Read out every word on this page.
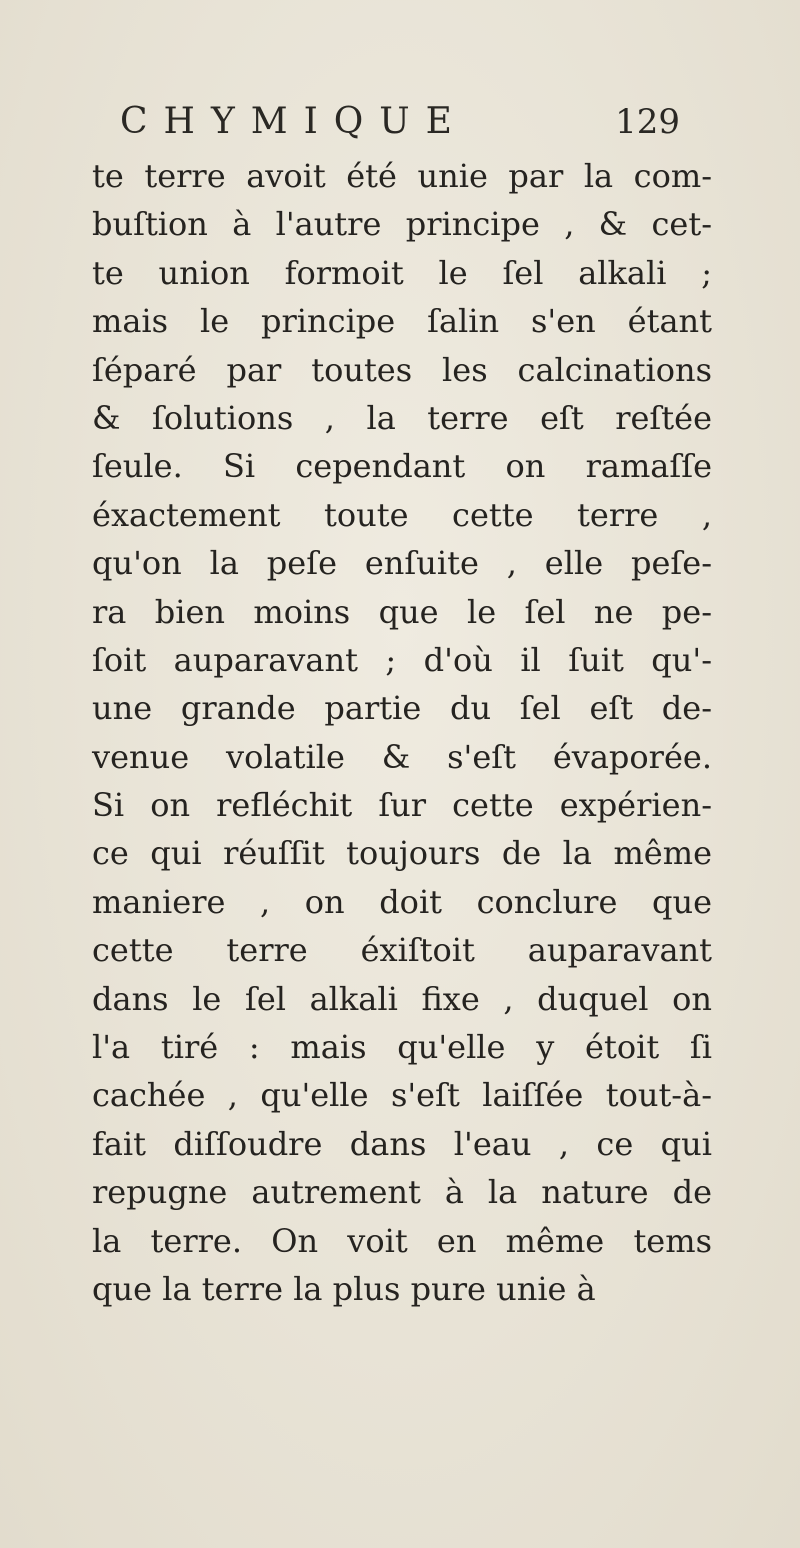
CHYMIQUE	129
te terre avoit été unie par la com-
buſtion à l'autre principe , & cet-
te union formoit le ſel alkali ;
mais le principe ſalin s'en étant
ſéparé par toutes les calcinations
& ſolutions , la terre eſt reſtée
ſeule. Si cependant on ramaſſe
éxactement toute cette terre ,
qu'on la peſe enſuite , elle peſe-
ra bien moins que le ſel ne pe-
ſoit auparavant ; d'où il ſuit qu'-
une grande partie du ſel eſt de-
venue volatile & s'eſt évaporée.
Si on refléchit ſur cette expérien-
ce qui réuſſit toujours de la même
maniere , on doit conclure que
cette terre éxiſtoit auparavant
dans le ſel alkali fixe , duquel on
l'a tiré : mais qu'elle y étoit ſi
cachée , qu'elle s'eſt laiſſée tout-à-
fait diſſoudre dans l'eau , ce qui
repugne autrement à la nature de
la terre. On voit en même tems
que la terre la plus pure unie à
